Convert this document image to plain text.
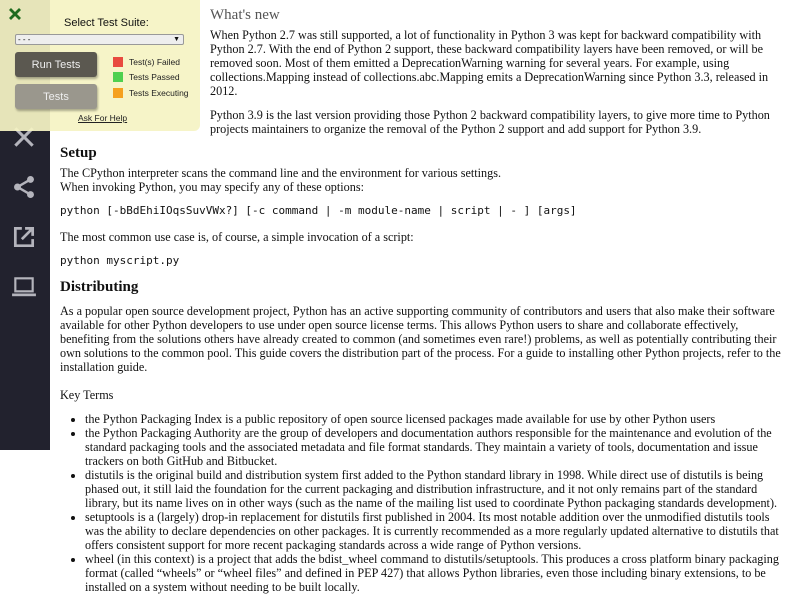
What's new

When Python 2.7 was still supported, a lot of functionality in Python 3 was kept for backward compatibility with Python 2.7. With the end of Python 2 support, these backward compatibility layers have been removed, or will be removed soon. Most of them emitted a DeprecationWarning warning for several years. For example, using collections.Mapping instead of collections.abc.Mapping emits a DeprecationWarning since Python 3.3, released in 2012.

Python 3.9 is the last version providing those Python 2 backward compatibility layers, to give more time to Python projects maintainers to organize the removal of the Python 2 support and add support for Python 3.9.

Setup

The CPython interpreter scans the command line and the environment for various settings.

When invoking Python, you may specify any of these options:

python [-bBdEhiIOqsSuvVWx?] [-c command | -m module-name | script | - ] [args]

The most common use case is, of course, a simple invocation of a script:

python myscript.py
Distributing

As a popular open source development project, Python has an active supporting community of contributors and users that also make their software available for other Python developers to use under open source license terms. This allows Python users to share and collaborate effectively, benefiting from the solutions others have already created to common (and sometimes even rare!) problems, as well as potentially contributing their own solutions to the common pool. This guide covers the distribution part of the process. For a guide to installing other Python projects, refer to the installation guide.

Key Terms

• the Python Packaging Index is a public repository of open source licensed packages made available for use by other Python users
• the Python Packaging Authority are the group of developers and documentation authors responsible for the maintenance and evolution of the standard packaging tools and the associated metadata and file format standards. They maintain a variety of tools, documentation and issue trackers on both GitHub and Bitbucket.
• distutils is the original build and distribution system first added to the Python standard library in 1998. While direct use of distutils is being phased out, it still laid the foundation for the current packaging and distribution infrastructure, and it not only remains part of the standard library, but its name lives on in other ways (such as the name of the mailing list used to coordinate Python packaging standards development).
• setuptools is a (largely) drop-in replacement for distutils first published in 2004. Its most notable addition over the unmodified distutils tools was the ability to declare dependencies on other packages. It is currently recommended as a more regularly updated alternative to distutils that offers consistent support for more recent packaging standards across a wide range of Python versions.
• wheel (in this context) is a project that adds the bdist_wheel command to distutils/setuptools. This produces a cross platform binary packaging format (called “wheels” or “wheel files” and defined in PEP 427) that allows Python libraries, even those including binary extensions, to be installed on a system without needing to be built locally.
Select Test Suite:
- - -	▼
Run Tests
Tests
Test(s) Failed
Tests Passed
Tests Executing
Ask For Help
